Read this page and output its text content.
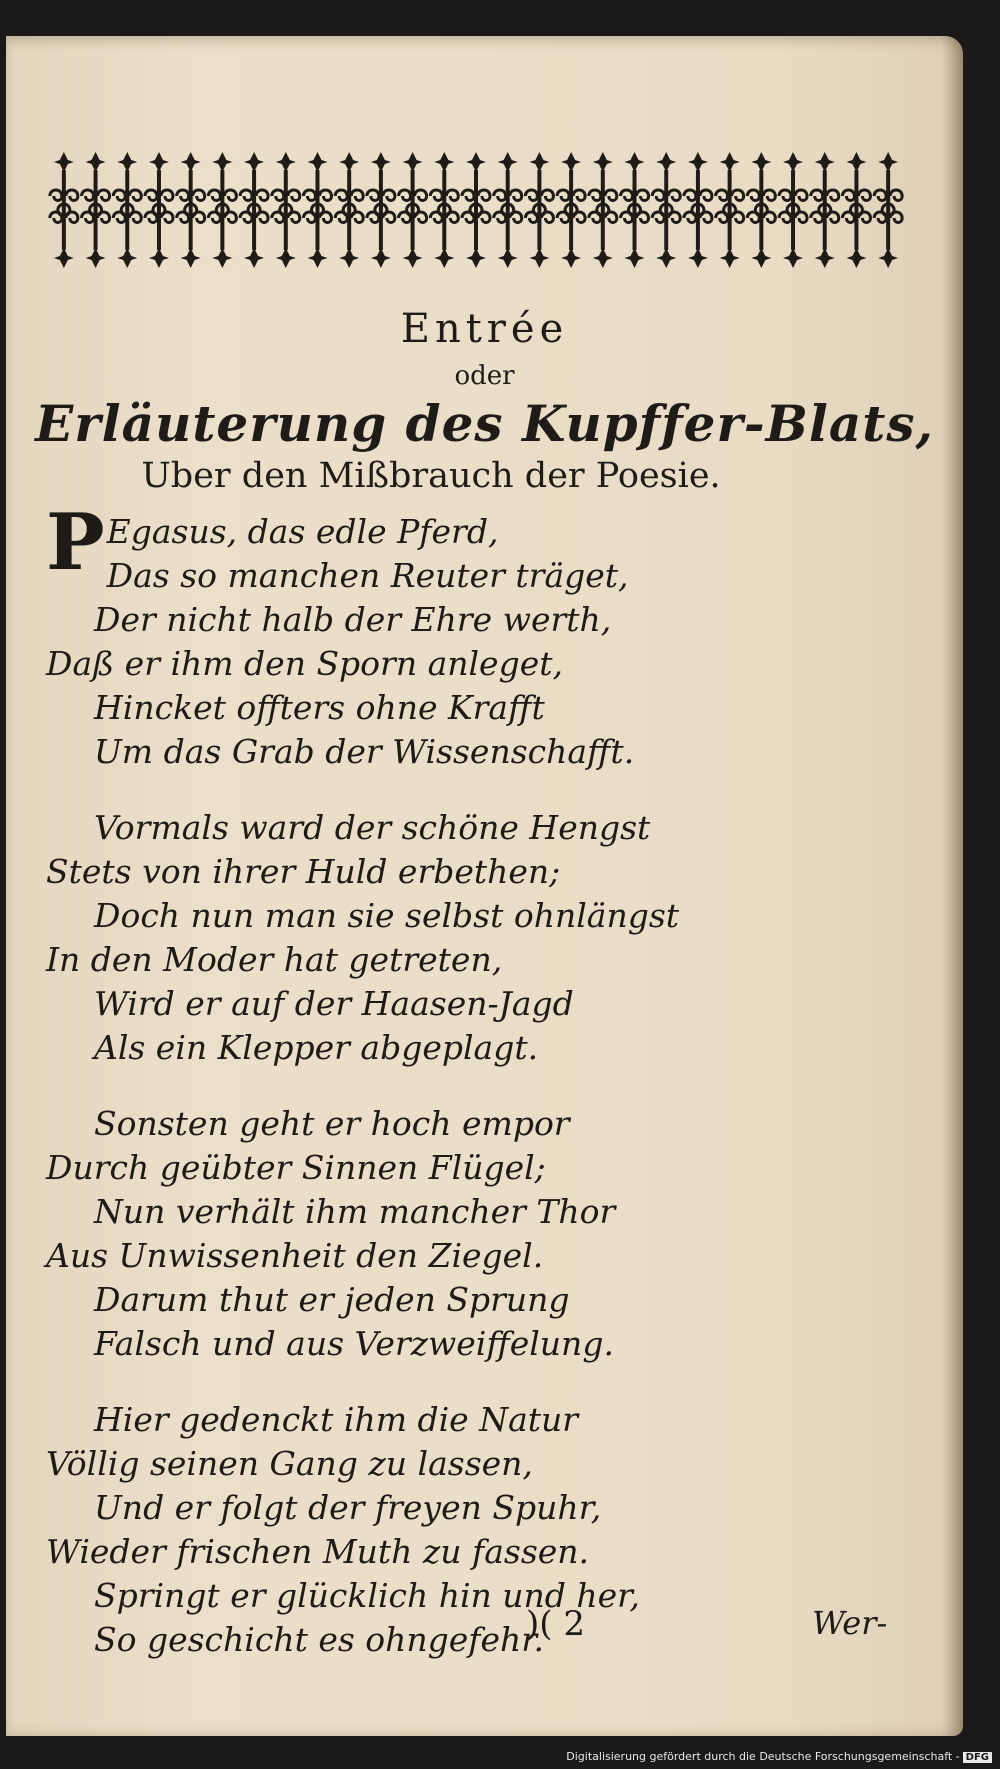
Entrée
oder
Erläuterung des Kupffer-Blats,
Uber den Mißbrauch der Poesie.
P Egasus, das edle Pferd,
Das so manchen Reuter träget,
Der nicht halb der Ehre werth,
Daß er ihm den Sporn anleget,
Hincket offters ohne Krafft
Um das Grab der Wissenschafft.
Vormals ward der schöne Hengst
Stets von ihrer Huld erbethen;
Doch nun man sie selbst ohnlängst
In den Moder hat getreten,
Wird er auf der Haasen-Jagd
Als ein Klepper abgeplagt.
Sonsten geht er hoch empor
Durch geübter Sinnen Flügel;
Nun verhält ihm mancher Thor
Aus Unwissenheit den Ziegel.
Darum thut er jeden Sprung
Falsch und aus Verzweiffelung.
Hier gedenckt ihm die Natur
Völlig seinen Gang zu lassen,
Und er folgt der freyen Spuhr,
Wieder frischen Muth zu fassen.
Springt er glücklich hin und her,
So geschicht es ohngefehr.
)( 2	Wer-
Digitalisierung gefördert durch die Deutsche Forschungsgemeinschaft - DFG
